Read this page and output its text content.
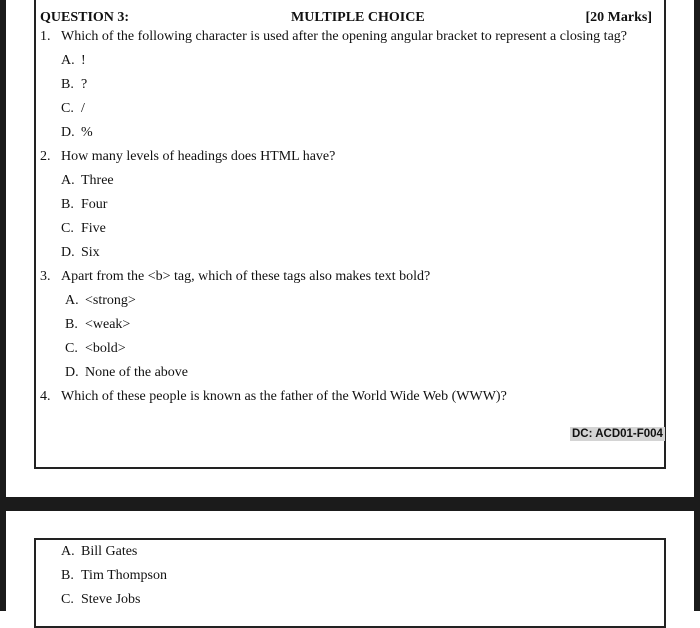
QUESTION 3:	MULTIPLE CHOICE	[20 Marks]
1. Which of the following character is used after the opening angular bracket to represent a closing tag?
A. !
B. ?
C. /
D. %
2. How many levels of headings does HTML have?
A. Three
B. Four
C. Five
D. Six
3. Apart from the <b> tag, which of these tags also makes text bold?
A. <strong>
B. <weak>
C. <bold>
D. None of the above
4. Which of these people is known as the father of the World Wide Web (WWW)?
DC: ACD01-F004
A. Bill Gates
B. Tim Thompson
C. Steve Jobs
